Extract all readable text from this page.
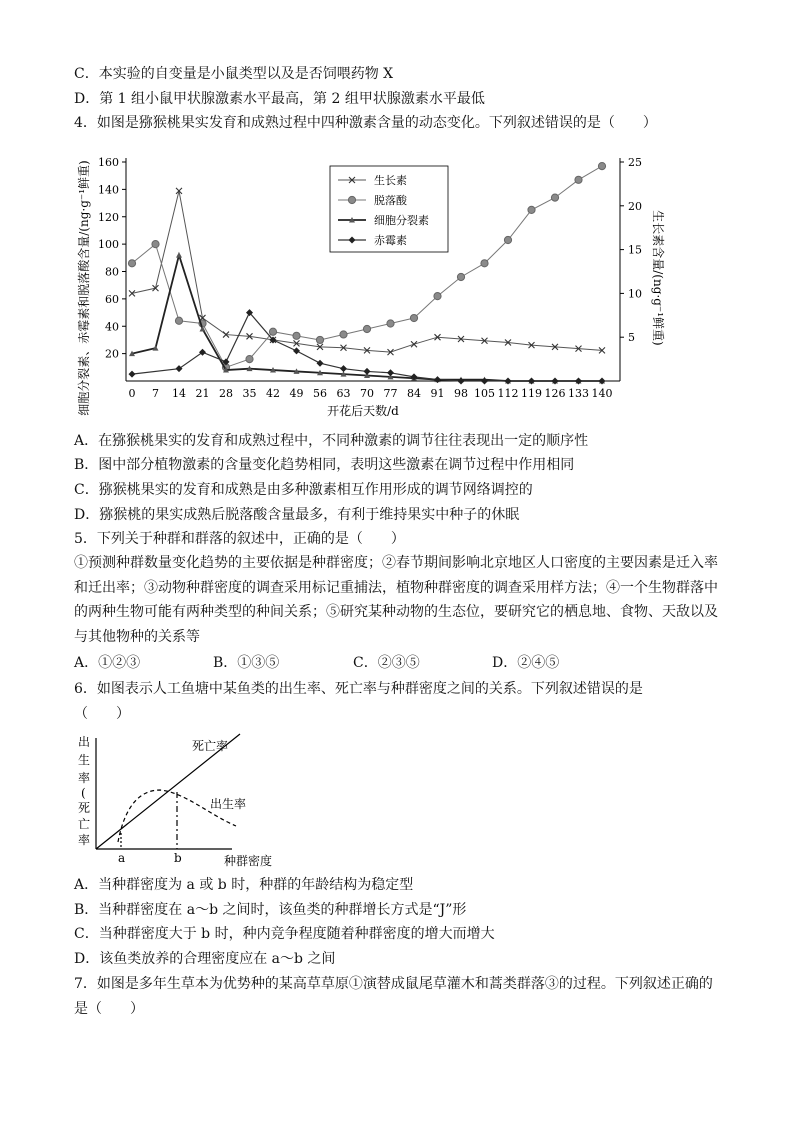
C．本实验的自变量是小鼠类型以及是否饲喂药物 X
D．第 1 组小鼠甲状腺激素水平最高，第 2 组甲状腺激素水平最低
4．如图是猕猴桃果实发育和成熟过程中四种激素含量的动态变化。下列叙述错误的是（　　）
0 7 14 21 28 35 42 49 56 63 70 77 84 91 98 105 112 119 126 133 140
20
40
60
80
100
120
140
160
5
10
15
20
25
生长素
脱落酸
细胞分裂素
赤霉素
细胞分裂素、赤霉素和脱落酸含量/(ng·g⁻¹鲜重)	生长素含量/(ng·g⁻¹鲜重)
开花后天数/d
A．在猕猴桃果实的发育和成熟过程中，不同种激素的调节往往表现出一定的顺序性
B．图中部分植物激素的含量变化趋势相同，表明这些激素在调节过程中作用相同
C．猕猴桃果实的发育和成熟是由多种激素相互作用形成的调节网络调控的
D．猕猴桃的果实成熟后脱落酸含量最多，有利于维持果实中种子的休眠
5．下列关于种群和群落的叙述中，正确的是（　　）
①预测种群数量变化趋势的主要依据是种群密度；②春节期间影响北京地区人口密度的主要因素是迁入率和迁出率；③动物种群密度的调查采用标记重捕法，植物种群密度的调查采用样方法；④一个生物群落中的两种生物可能有两种类型的种间关系；⑤研究某种动物的生态位，要研究它的栖息地、食物、天敌以及与其他物种的关系等
A．①②③	B．①③⑤	C．②③⑤	D．②④⑤
6．如图表示人工鱼塘中某鱼类的出生率、死亡率与种群密度之间的关系。下列叙述错误的是
（　　）
出生率 (死亡率
死亡率
出生率
a	b	种群密度
A．当种群密度为 a 或 b 时，种群的年龄结构为稳定型
B．当种群密度在 a～b 之间时，该鱼类的种群增长方式是“J”形
C．当种群密度大于 b 时，种内竞争程度随着种群密度的增大而增大
D．该鱼类放养的合理密度应在 a～b 之间
7．如图是多年生草本为优势种的某高草草原①演替成鼠尾草灌木和蒿类群落③的过程。下列叙述正确的
是（　　）
